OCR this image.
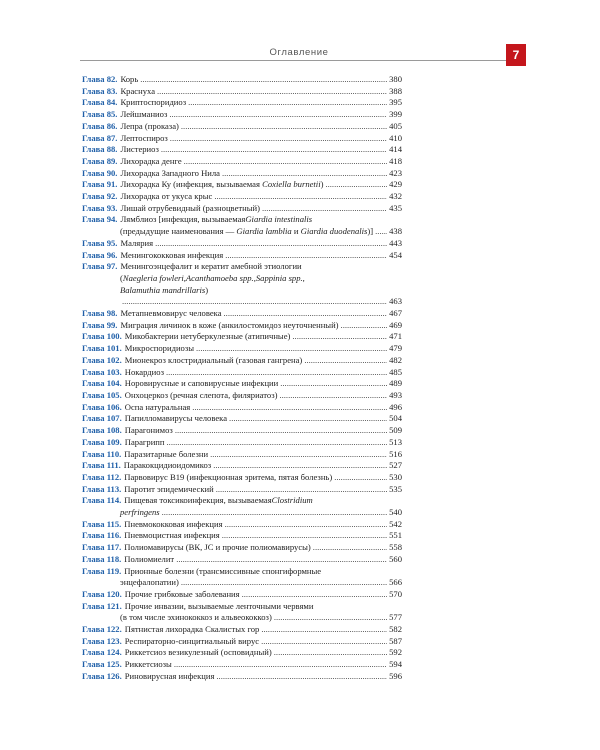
Оглавление	7
Глава 82. Корь .....	380
Глава 83. Краснуха .....	388
Глава 84. Криптоспоридиоз .....	395
Глава 85. Лейшманиоз .....	399
Глава 86. Лепра (проказа) .....	405
Глава 87. Лептоспироз .....	410
Глава 88. Листериоз .....	414
Глава 89. Лихорадка денге .....	418
Глава 90. Лихорадка Западного Нила .....	423
Глава 91. Лихорадка Ку (инфекция, вызываемая Coxiella burnetii) .....	429
Глава 92. Лихорадка от укуса крыс .....	432
Глава 93. Лишай отрубевидный (разноцветный) .....	435
Глава 94. Лямблиоз [инфекция, вызываемая Giardia intestinalis
(предыдущие наименования — Giardia lamblia и Giardia duodenalis)] ..... 438
Глава 95. Малярия .....	443
Глава 96. Менингококковая инфекция .....	454
Глава 97. Менингоэнцефалит и кератит амебной этиологии
( Naegleria fowleri , Acanthamoeba spp. , Sappinia spp. ,
Balamuthia mandrillaris )
.....
463
Глава 98. Метапневмовирус человека .....	467
Глава 99. Миграция личинок в коже (анкилостомидоз неуточненный) .....	469
Глава 100. Микобактерии нетуберкулезные (атипичные) .....	471
Глава 101. Микроспоридиозы .....	479
Глава 102. Мионекроз клостридиальный (газовая гангрена) .....	482
Глава 103. Нокардиоз .....	485
Глава 104. Норовирусные и саповирусные инфекции .....	489
Глава 105. Онхоцеркоз (речная слепота, филяриатоз) .....	493
Глава 106. Оспа натуральная .....	496
Глава 107. Папилломавирусы человека .....	504
Глава 108. Парагонимоз .....	509
Глава 109. Парагрипп .....	513
Глава 110. Паразитарные болезни .....	516
Глава 111. Паракокцидиоидомикоз .....	527
Глава 112. Парвовирус В19 (инфекционная эритема, пятая болезнь) .....	530
Глава 113. Паротит эпидемический .....	535
Глава 114. Пищевая токсикоинфекция, вызываемая Clostridium
perfringens .....	540
Глава 115. Пневмококковая инфекция .....	542
Глава 116. Пневмоцистная инфекция .....	551
Глава 117. Полиомавирусы (ВК, JC и прочие полиомавирусы) .....	558
Глава 118. Полиомиелит .....	560
Глава 119. Прионные болезни (трансмиссивные спонгиформные
энцефалопатии) .....	566
Глава 120. Прочие грибковые заболевания .....	570
Глава 121. Прочие инвазии, вызываемые ленточными червями
(в том числе эхинококкоз и альвеококкоз) .....	577
Глава 122. Пятнистая лихорадка Скалистых гор .....	582
Глава 123. Респираторно-синцитиальный вирус .....	587
Глава 124. Риккетсиоз везикулезный (осповидный) .....	592
Глава 125. Риккетсиозы .....	594
Глава 126. Риновирусная инфекция .....	596
